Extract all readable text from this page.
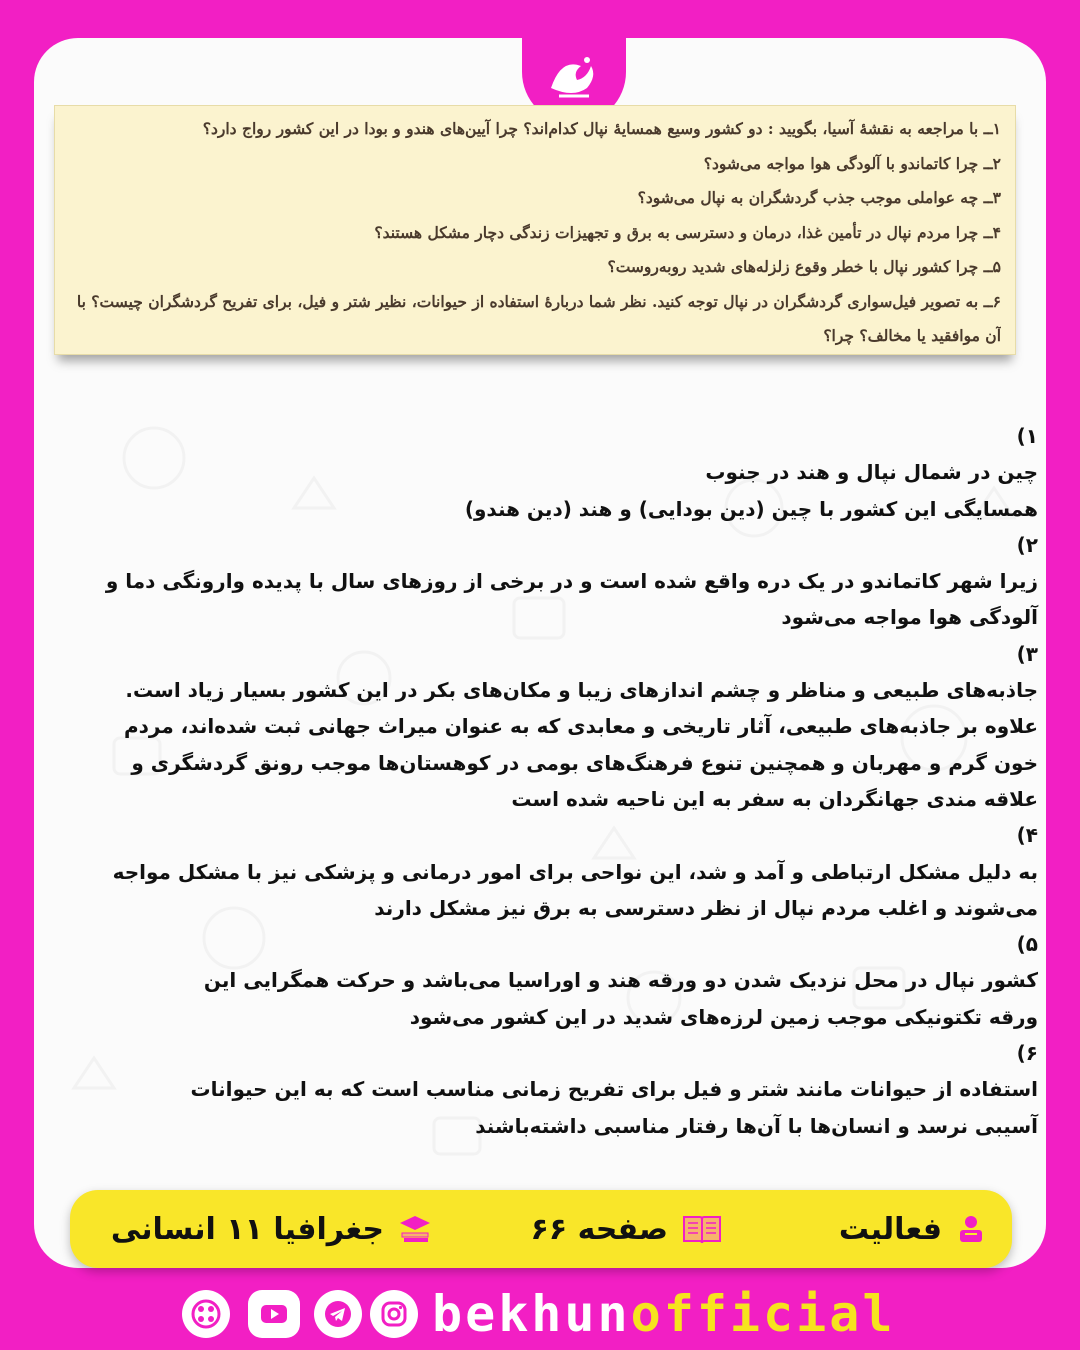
۱ــ با مراجعه به نقشهٔ آسیا، بگویید : دو کشور وسیع همسایهٔ نپال کدام‌اند؟ چرا آیین‌های هندو و بودا در این کشور رواج دارد؟
۲ــ چرا کاتماندو با آلودگی هوا مواجه می‌شود؟
۳ــ چه عواملی موجب جذب گردشگران به نپال می‌شود؟
۴ــ چرا مردم نپال در تأمین غذا، درمان و دسترسی به برق و تجهیزات زندگی دچار مشکل هستند؟
۵ــ چرا کشور نپال با خطر وقوع زلزله‌های شدید روبه‌روست؟
۶ــ به تصویر فیل‌سواری گردشگران در نپال توجه کنید. نظر شما دربارهٔ استفاده از حیوانات، نظیر شتر و فیل، برای تفریح گردشگران چیست؟ با آن موافقید یا مخالف؟ چرا؟
۱)
چین در شمال نپال و هند در جنوب
همسایگی این کشور با چین (دین بودایی) و هند (دین هندو)
۲)
زیرا شهر کاتماندو در یک دره واقع شده است و در برخی از روزهای سال با پدیده وارونگی دما و
آلودگی هوا مواجه می‌شود
۳)
جاذبه‌های طبیعی و مناظر و چشم اندازهای زیبا و مکان‌های بکر در این کشور بسیار زیاد است.
علاوه بر جاذبه‌های طبیعی، آثار تاریخی و معابدی که به عنوان میراث جهانی ثبت شده‌اند، مردم
خون گرم و مهربان و همچنین تنوع فرهنگ‌های بومی در کوهستان‌ها موجب رونق گردشگری و
علاقه مندی جهانگردان به سفر به این ناحیه شده است
۴)
به دلیل مشکل ارتباطی و آمد و شد، این نواحی برای امور درمانی و پزشکی نیز با مشکل مواجه
می‌شوند و اغلب مردم نپال از نظر دسترسی به برق نیز مشکل دارند
۵)
کشور نپال در محل نزدیک شدن دو ورقه هند و اوراسیا می‌باشد و حرکت همگرایی این
ورقه تکتونیکی موجب زمین لرزه‌های شدید در این کشور می‌شود
۶)
استفاده از حیوانات مانند شتر و فیل برای تفریح زمانی مناسب است که به این حیوانات
آسیبی نرسد و انسان‌ها با آن‌ها رفتار مناسبی داشته‌باشند
فعالیت
صفحه ۶۶
جغرافیا ۱۱ انسانی
bekhunofficial
